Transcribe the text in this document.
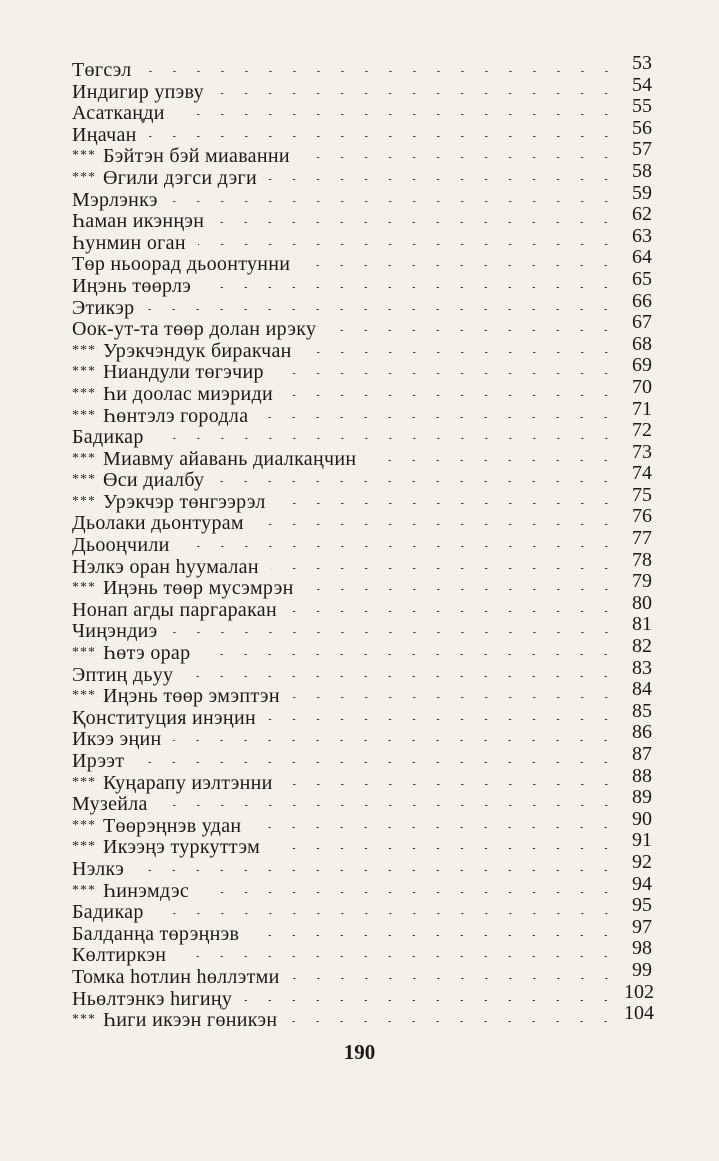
Төгсэл	53
Индигир упэву	54
Асаткаңди	55
Иңачан	56
*** Бэйтэн бэй миаванни	57
*** Өгили дэгси дэги	58
Мэрлэнкэ	59
Һаман икэнңэн	62
Һунмин оган	63
Төр ньоорад дьоонтунни	64
Иңэнь төөрлэ	65
Этикэр	66
Оок-ут-та төөр долан ирэку	67
*** Урэкчэндук биракчан	68
*** Ниандули төгэчир	69
*** Һи доолас миэриди	70
*** Һөнтэлэ городла	71
Бадикар	72
*** Миавму айавань диалкаңчин	73
*** Өси диалбу	74
*** Урэкчэр төнгээрэл	75
Дьолаки дьонтурам	76
Дьооңчили	77
Нэлкэ оран һуумалан	78
*** Иңэнь төөр мусэмрэн	79
Нонап агды паргаракан	80
Чиңэндиэ	81
*** Һөтэ орар	82
Эптиң дьуу	83
*** Иңэнь төөр эмэптэн	84
Қонституция инэңин	85
Икээ эңин	86
Ирээт	87
*** Куңарапу иэлтэнни	88
Музейла	89
*** Төөрэңнэв удан	90
*** Икээңэ туркуттэм	91
Нэлкэ	92
*** Һинэмдэс	94
Бадикар	95
Балданңа төрэңнэв	97
Көлтиркэн	98
Томка һотлин һөллэтми	99
Ньөлтэнкэ һигиңу	102
*** Һиги икээн гөникэн	104
190
